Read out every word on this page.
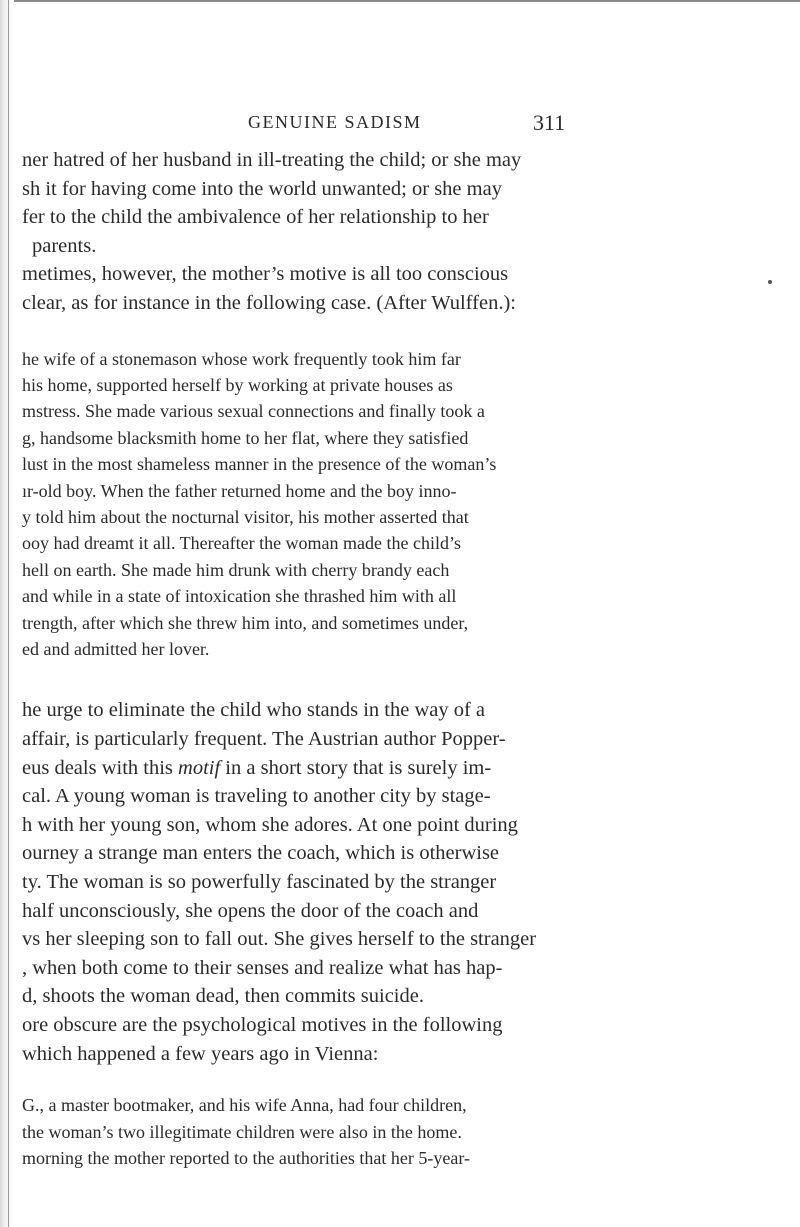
GENUINE SADISM	311

ner hatred of her husband in ill-treating the child; or she may
sh it for having come into the world unwanted; or she may
fer to the child the ambivalence of her relationship to her
parents.
metimes, however, the mother’s motive is all too conscious
clear, as for instance in the following case. (After Wulffen.):

he wife of a stonemason whose work frequently took him far
his home, supported herself by working at private houses as
mstress. She made various sexual connections and finally took a
g, handsome blacksmith home to her flat, where they satisfied
lust in the most shameless manner in the presence of the woman’s
ır-old boy. When the father returned home and the boy inno-
y told him about the nocturnal visitor, his mother asserted that
ooy had dreamt it all. Thereafter the woman made the child’s
hell on earth. She made him drunk with cherry brandy each
and while in a state of intoxication she thrashed him with all
trength, after which she threw him into, and sometimes under,
ed and admitted her lover.

he urge to eliminate the child who stands in the way of a
affair, is particularly frequent. The Austrian author Popper-
eus deals with this motif in a short story that is surely im-
cal. A young woman is traveling to another city by stage-
h with her young son, whom she adores. At one point during
ourney a strange man enters the coach, which is otherwise
ty. The woman is so powerfully fascinated by the stranger
half unconsciously, she opens the door of the coach and
vs her sleeping son to fall out. She gives herself to the stranger
, when both come to their senses and realize what has hap-
d, shoots the woman dead, then commits suicide.
ore obscure are the psychological motives in the following
which happened a few years ago in Vienna:

G., a master bootmaker, and his wife Anna, had four children,
the woman’s two illegitimate children were also in the home.
morning the mother reported to the authorities that her 5-year-
